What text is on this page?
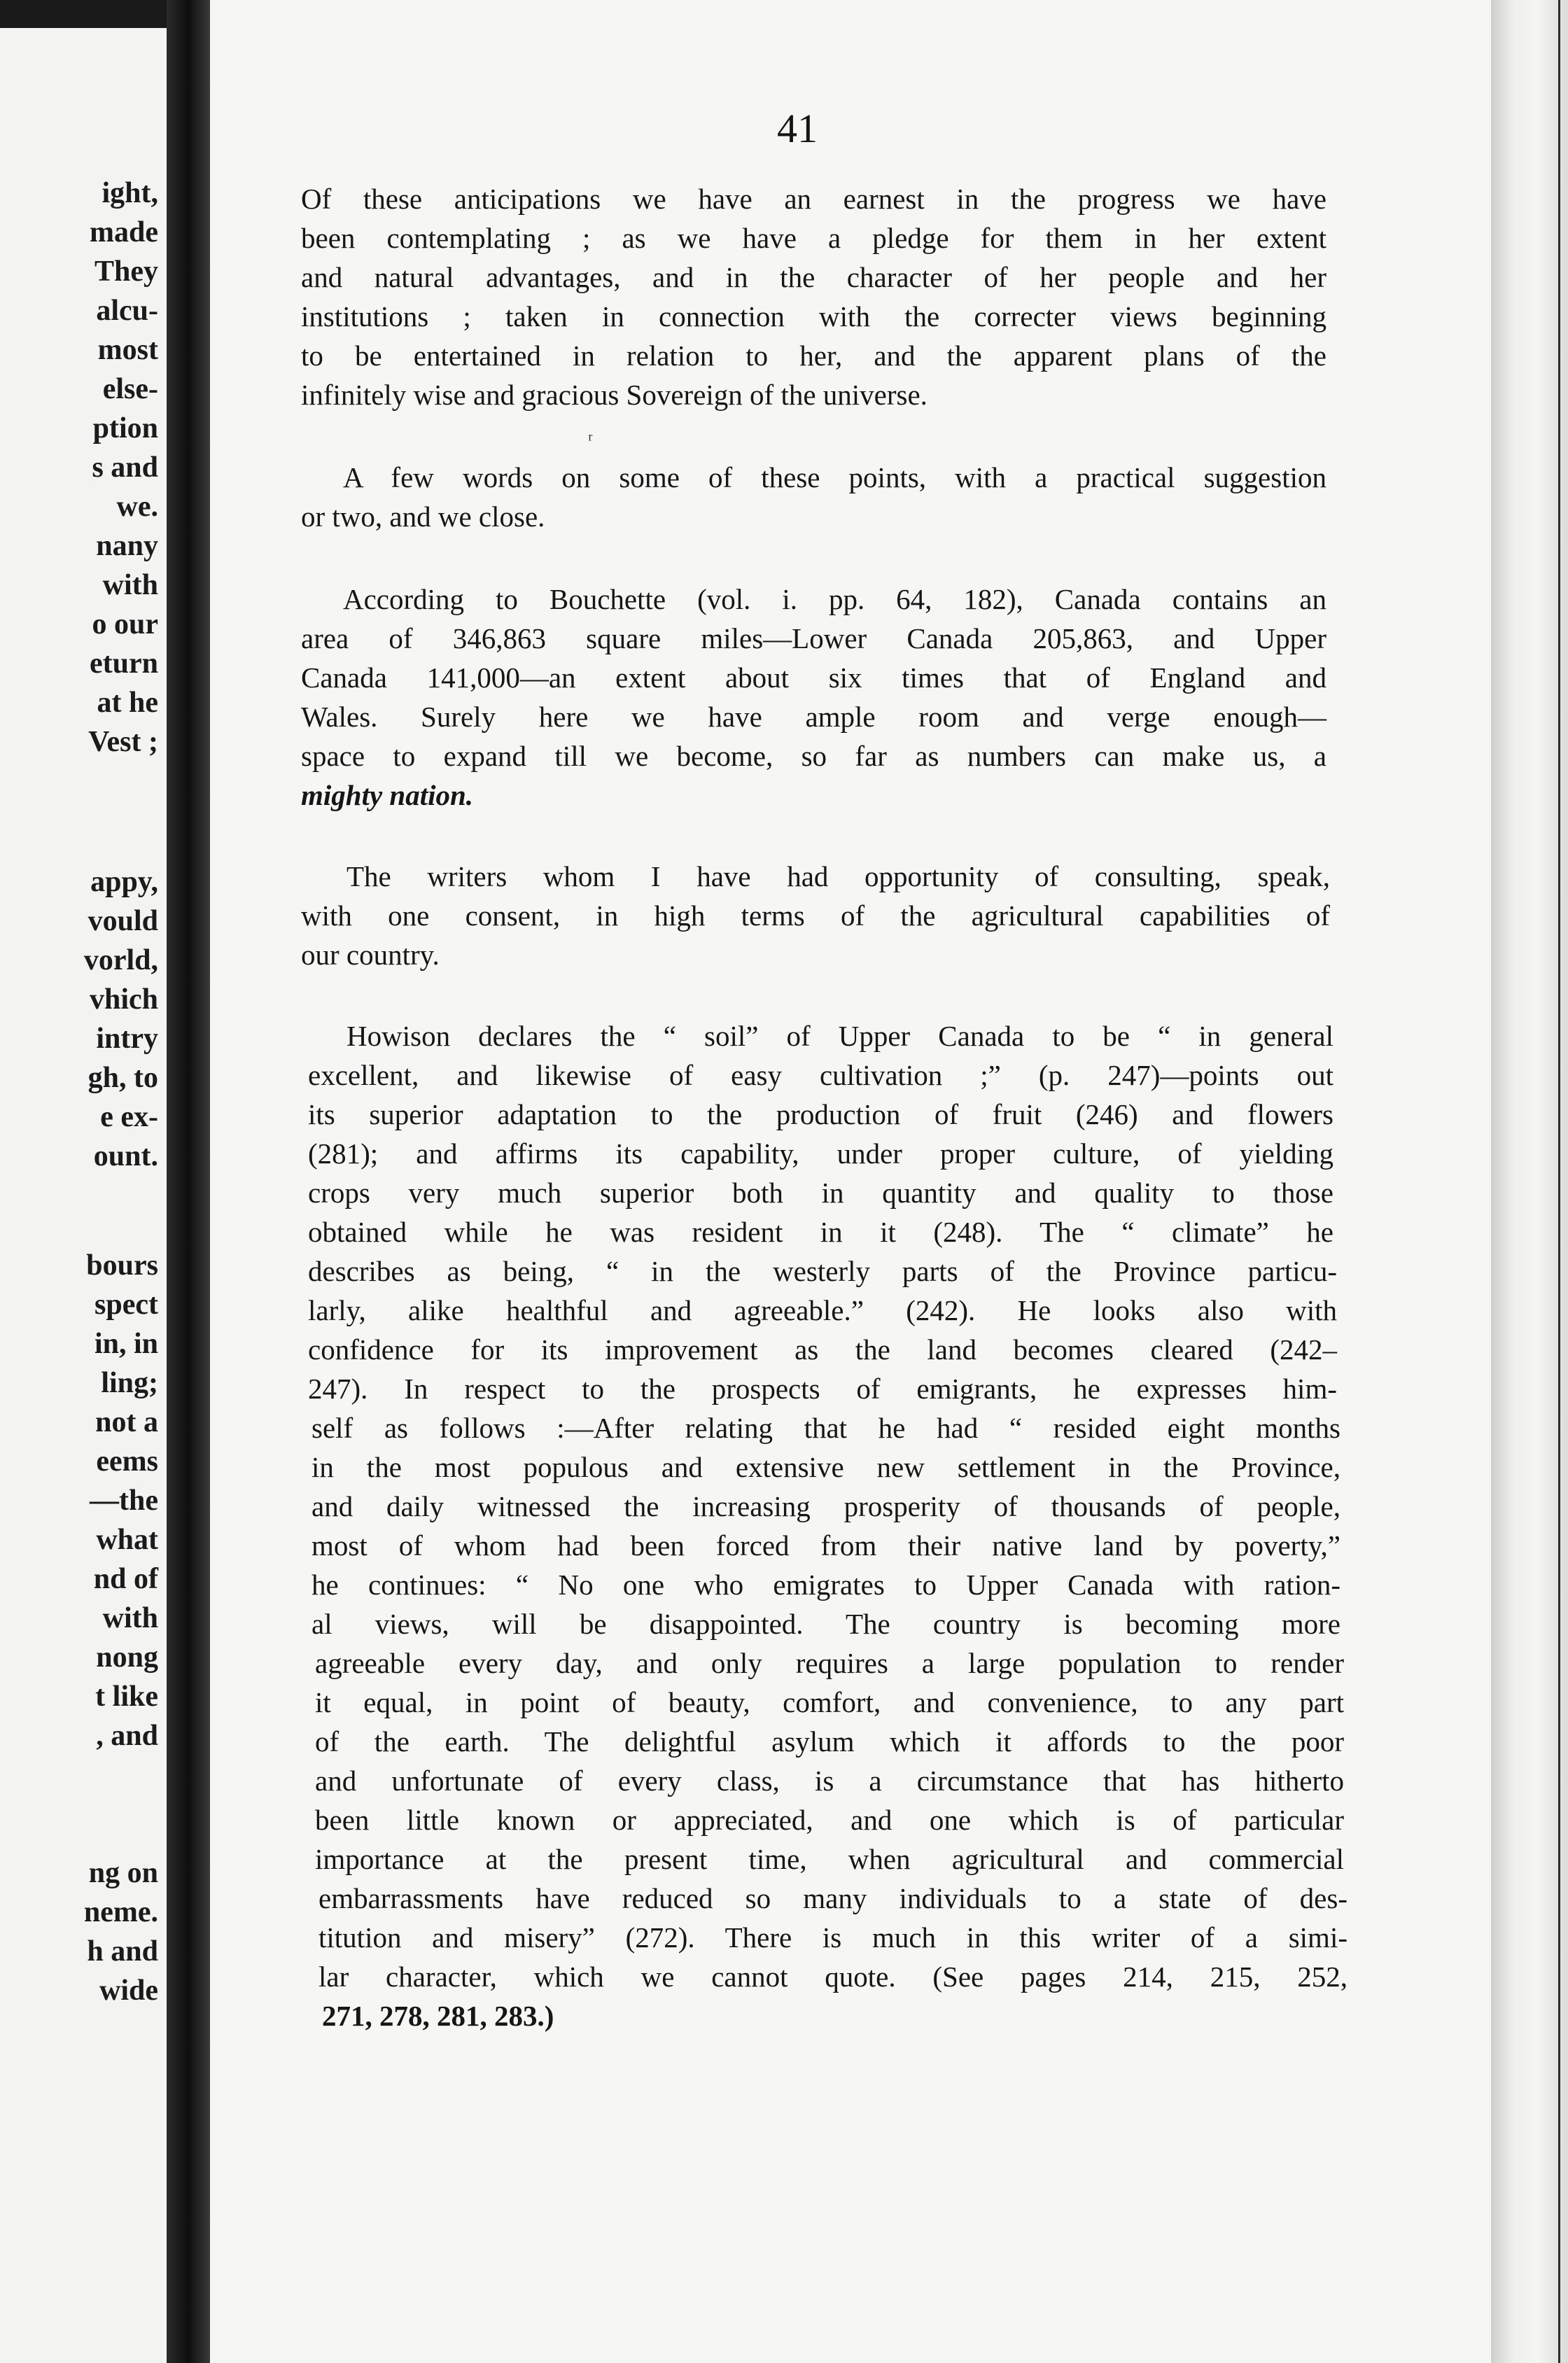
ight,
made
They
alcu-
most
else-
ption
s and
we.
nany
with
o our
eturn
at he
Vest ;
appy,
vould
vorld,
vhich
intry
gh, to
e ex-
ount.
bours
spect
in, in
ling;
not a
eems
—the
what
nd of
with
nong
t like
, and
ng on
neme.
h and
wide
41
Of these anticipations we have an earnest in the progress we have
been contemplating ; as we have a pledge for them in her extent
and natural advantages, and in the character of her people and her
institutions ; taken in connection with the correcter views beginning
to be entertained in relation to her, and the apparent plans of the
infinitely wise and gracious Sovereign of the universe.
ʳ
A few words on some of these points, with a practical suggestion
or two, and we close.
According to Bouchette (vol. i. pp. 64, 182), Canada contains an
area of 346,863 square miles—Lower Canada 205,863, and Upper
Canada 141,000—an extent about six times that of England and
Wales. Surely here we have ample room and verge enough—
space to expand till we become, so far as numbers can make us, a
mighty nation.
The writers whom I have had opportunity of consulting, speak,
with one consent, in high terms of the agricultural capabilities of
our country.
Howison declares the “ soil” of Upper Canada to be “ in general
excellent, and likewise of easy cultivation ;” (p. 247)—points out
its superior adaptation to the production of fruit (246) and flowers
(281); and affirms its capability, under proper culture, of yielding
crops very much superior both in quantity and quality to those
obtained while he was resident in it (248). The “ climate” he
describes as being, “ in the westerly parts of the Province particu-
larly, alike healthful and agreeable.” (242). He looks also with
confidence for its improvement as the land becomes cleared (242–
247). In respect to the prospects of emigrants, he expresses him-
self as follows :—After relating that he had “ resided eight months
in the most populous and extensive new settlement in the Province,
and daily witnessed the increasing prosperity of thousands of people,
most of whom had been forced from their native land by poverty,”
he continues: “ No one who emigrates to Upper Canada with ration-
al views, will be disappointed. The country is becoming more
agreeable every day, and only requires a large population to render
it equal, in point of beauty, comfort, and convenience, to any part
of the earth. The delightful asylum which it affords to the poor
and unfortunate of every class, is a circumstance that has hitherto
been little known or appreciated, and one which is of particular
importance at the present time, when agricultural and commercial
embarrassments have reduced so many individuals to a state of des-
titution and misery” (272). There is much in this writer of a simi-
lar character, which we cannot quote. (See pages 214, 215, 252,
271, 278, 281, 283.)
